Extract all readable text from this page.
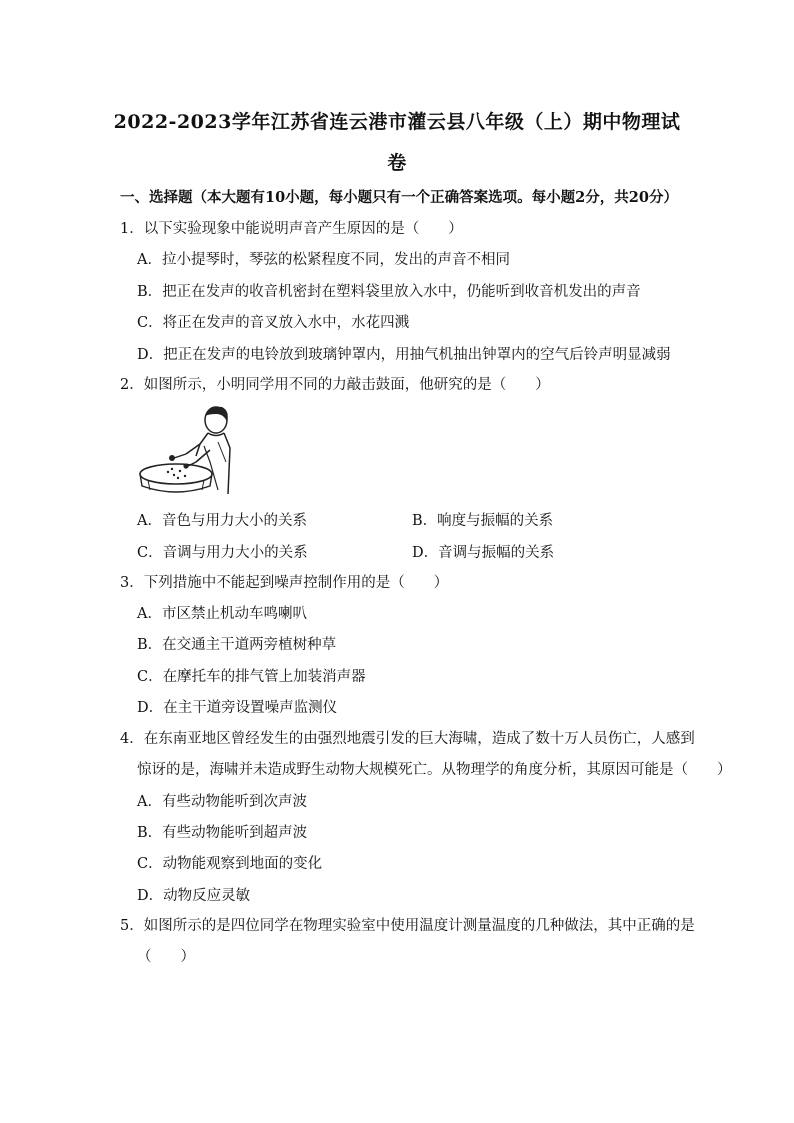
2022-2023学年江苏省连云港市灌云县八年级（上）期中物理试
卷
一、选择题（本大题有10小题，每小题只有一个正确答案选项。每小题2分，共20分）
1．以下实验现象中能说明声音产生原因的是（　　）
A．拉小提琴时，琴弦的松紧程度不同，发出的声音不相同
B．把正在发声的收音机密封在塑料袋里放入水中，仍能听到收音机发出的声音
C．将正在发声的音叉放入水中，水花四溅
D．把正在发声的电铃放到玻璃钟罩内，用抽气机抽出钟罩内的空气后铃声明显减弱
2．如图所示，小明同学用不同的力敲击鼓面，他研究的是（　　）
A．音色与用力大小的关系	B．响度与振幅的关系
C．音调与用力大小的关系	D．音调与振幅的关系
3．下列措施中不能起到噪声控制作用的是（　　）
A．市区禁止机动车鸣喇叭
B．在交通主干道两旁植树种草
C．在摩托车的排气管上加装消声器
D．在主干道旁设置噪声监测仪
4．在东南亚地区曾经发生的由强烈地震引发的巨大海啸，造成了数十万人员伤亡，人感到
惊讶的是，海啸并未造成野生动物大规模死亡。从物理学的角度分析，其原因可能是（　　）
A．有些动物能听到次声波
B．有些动物能听到超声波
C．动物能观察到地面的变化
D．动物反应灵敏
5．如图所示的是四位同学在物理实验室中使用温度计测量温度的几种做法，其中正确的是
（　　）
